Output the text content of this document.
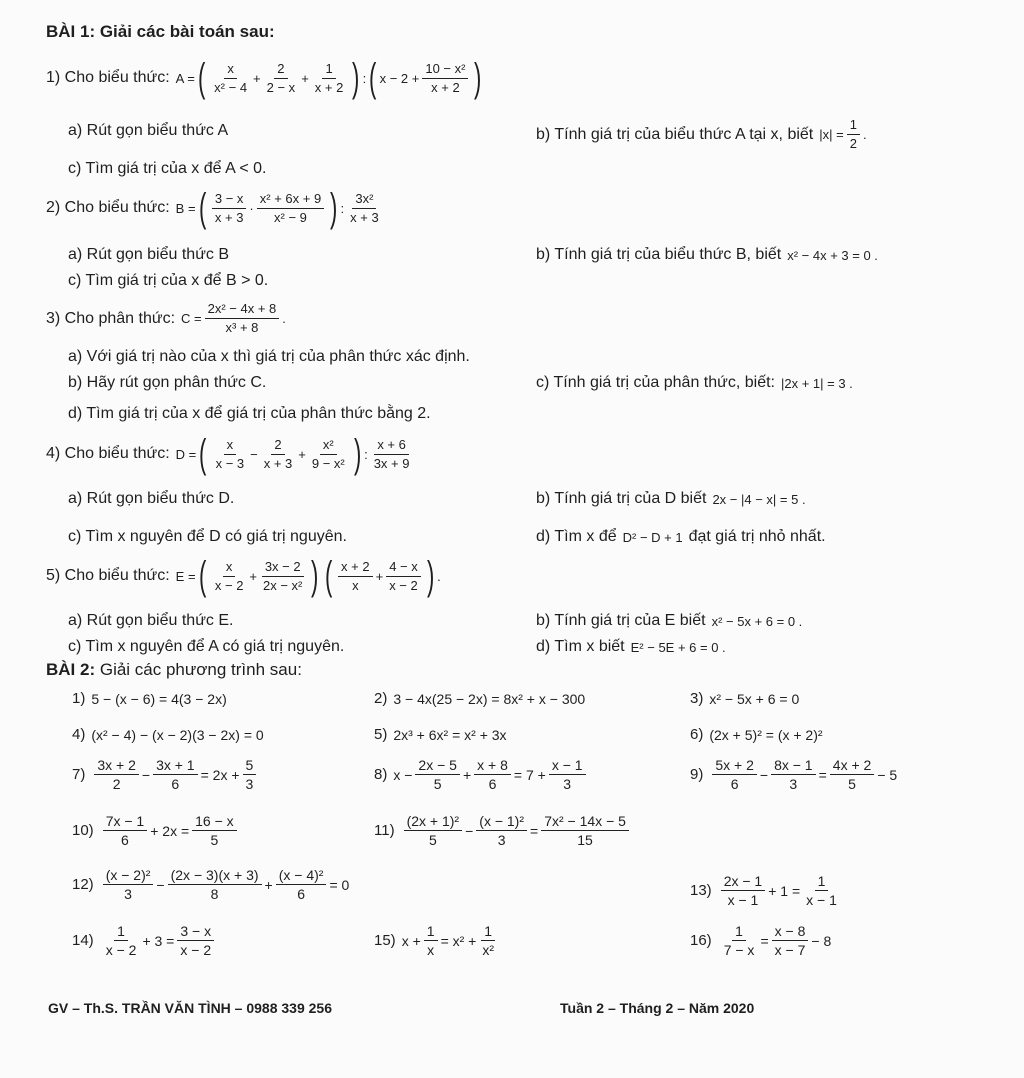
BÀI 1: Giải các bài toán sau:
1) Cho biểu thức: A = ( $\frac{x}{\text{x² − 4}} + \frac{2}{2 - x} + \frac{1}{x + 2}$ ) : ( $x - 2 + \frac{\text{10 − x²}}{x + 2}$ )
a) Rút gọn biểu thức A	b) Tính giá trị của biểu thức A tại x, biết $|x| = \frac{1}{2}$ .
c) Tìm giá trị của x để A < 0.
2) Cho biểu thức: B = ( $\frac{3 - x}{x + 3} \cdot \frac{\text{x² + 6x + 9}}{\text{x² − 9}}$ ) : $\frac{\text{3x²}}{x + 3}$
a) Rút gọn biểu thức B	b) Tính giá trị của biểu thức B, biết x² − 4x + 3 = 0 .
c) Tìm giá trị của x để B > 0.
3) Cho phân thức: $C = \frac{\text{2x² − 4x + 8}}{\text{x³ + 8}}$ .
a) Với giá trị nào của x thì giá trị của phân thức xác định.
b) Hãy rút gọn phân thức C.	c) Tính giá trị của phân thức, biết: |2x + 1| = 3 .
d) Tìm giá trị của x để giá trị của phân thức bằng 2.
4) Cho biểu thức: D = ( $\frac{x}{x - 3} - \frac{2}{x + 3} + \frac{\text{x²}}{\text{9 − x²}}$ ) : $\frac{x + 6}{3x + 9}$
a) Rút gọn biểu thức D.	b) Tính giá trị của D biết 2x − |4 − x| = 5 .
c) Tìm x nguyên để D có giá trị nguyên.	d) Tìm x để D² − D + 1 đạt giá trị nhỏ nhất.
5) Cho biểu thức: E = ( $\frac{x}{x - 2} + \frac{3x - 2}{\text{2x − x²}}$ ) ( $\frac{x + 2}{x} + \frac{4 - x}{x - 2}$ ) .
a) Rút gọn biểu thức E.	b) Tính giá trị của E biết x² − 5x + 6 = 0 .
c) Tìm x nguyên để A có giá trị nguyên.	d) Tìm x biết E² − 5E + 6 = 0 .
BÀI 2: Giải các phương trình sau:
1) 5 − (x − 6) = 4(3 − 2x)	2) 3 − 4x(25 − 2x) = 8x² + x − 300	3) x² − 5x + 6 = 0
4) (x² − 4) − (x − 2)(3 − 2x) = 0	5) 2x³ + 6x² = x² + 3x	6) (2x + 5)² = (x + 2)²
$7) \frac{3x + 2}{2} - \frac{3x + 1}{6} = 2x + \frac{5}{3}$	8) $x - \frac{2x - 5}{5} + \frac{x + 8}{6} = 7 + \frac{x - 1}{3}$	$9) \frac{5x + 2}{6} - \frac{8x - 1}{3} = \frac{4x + 2}{5} - 5$
$10) \frac{7x - 1}{6} + 2x = \frac{16 - x}{5}$	$11) \frac{\text{(2x + 1)²}}{5} - \frac{\text{(x − 1)²}}{3} = \frac{\text{7x² − 14x − 5}}{15}$
$12) \frac{\text{(x − 2)²}}{3} - \frac{(2x - 3)(x + 3)}{8} + \frac{\text{(x − 4)²}}{6} = 0$	$13) \frac{2x - 1}{x - 1} + 1 = \frac{1}{x - 1}$
$14) \frac{1}{x - 2} + 3 = \frac{3 - x}{x - 2}$	15) $x + \frac{1}{x} = x^2 + \frac{1}{\text{x²}}$	$16) \frac{1}{7 - x} = \frac{x - 8}{x - 7} - 8$
GV – Th.S. TRẦN VĂN TÌNH – 0988 339 256	Tuần 2 – Tháng 2 – Năm 2020
